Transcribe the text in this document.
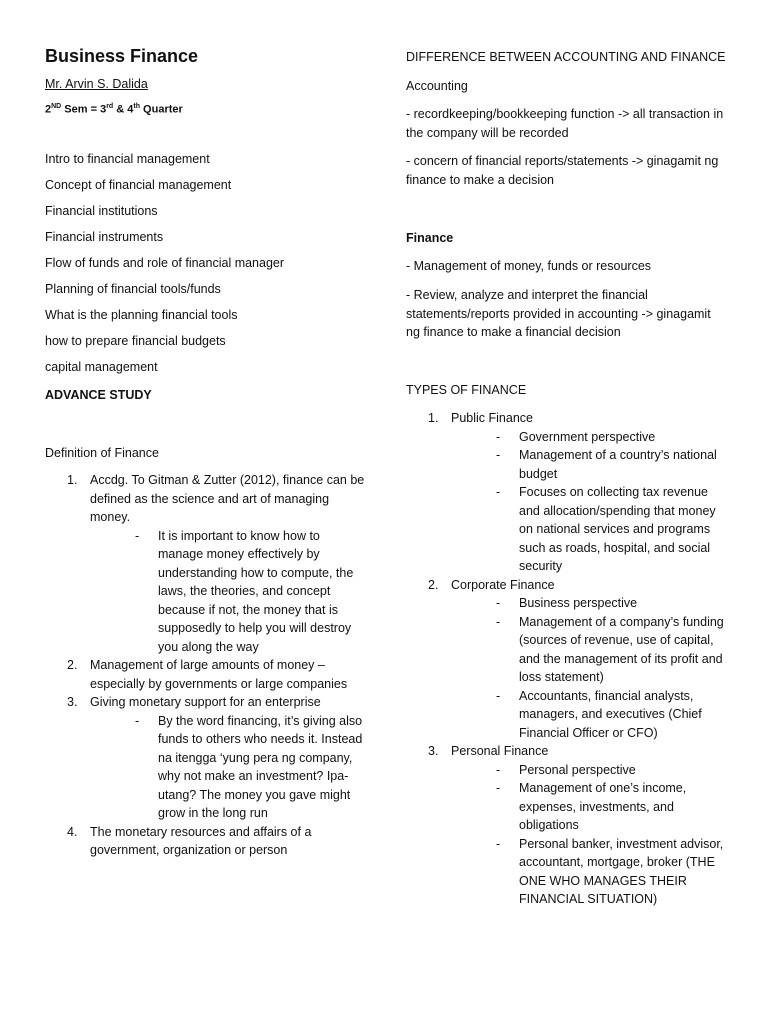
Business Finance
Mr. Arvin S. Dalida
2ND Sem = 3rd & 4th Quarter
Intro to financial management
Concept of financial management
Financial institutions
Financial instruments
Flow of funds and role of financial manager
Planning of financial tools/funds
What is the planning financial tools
how to prepare financial budgets
capital management
ADVANCE STUDY
Definition of Finance
1. Accdg. To Gitman & Zutter (2012), finance can be defined as the science and art of managing money.
- It is important to know how to manage money effectively by understanding how to compute, the laws, the theories, and concept because if not, the money that is supposedly to help you will destroy you along the way
2. Management of large amounts of money – especially by governments or large companies
3. Giving monetary support for an enterprise
- By the word financing, it’s giving also funds to others who needs it. Instead na itengga ‘yung pera ng company, why not make an investment? Ipa-utang? The money you gave might grow in the long run
4. The monetary resources and affairs of a government, organization or person
DIFFERENCE BETWEEN ACCOUNTING AND FINANCE
Accounting
- recordkeeping/bookkeeping function -> all transaction in the company will be recorded
- concern of financial reports/statements -> ginagamit ng finance to make a decision
Finance
- Management of money, funds or resources
- Review, analyze and interpret the financial statements/reports provided in accounting -> ginagamit ng finance to make a financial decision
TYPES OF FINANCE
1. Public Finance
- Government perspective
- Management of a country’s national budget
- Focuses on collecting tax revenue and allocation/spending that money on national services and programs such as roads, hospital, and social security
2. Corporate Finance
- Business perspective
- Management of a company’s funding (sources of revenue, use of capital, and the management of its profit and loss statement)
- Accountants, financial analysts, managers, and executives (Chief Financial Officer or CFO)
3. Personal Finance
- Personal perspective
- Management of one’s income, expenses, investments, and obligations
- Personal banker, investment advisor, accountant, mortgage, broker (THE ONE WHO MANAGES THEIR FINANCIAL SITUATION)
